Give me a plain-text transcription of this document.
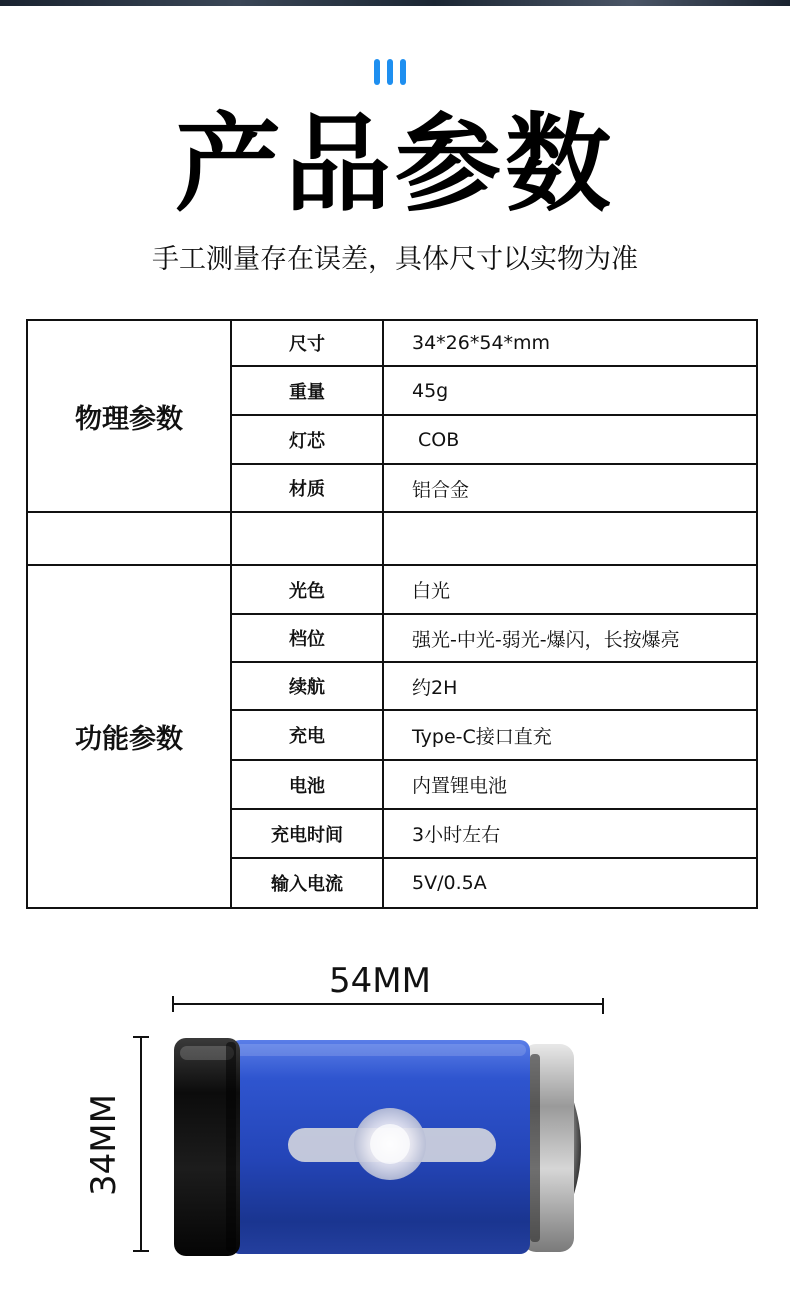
产品参数

手工测量存在误差，具体尺寸以实物为准

物理参数	尺寸	34*26*54*mm
	重量	45g
	灯芯	COB
	材质	铝合金

功能参数	光色	白光
	档位	强光-中光-弱光-爆闪，长按爆亮
	续航	约2H
	充电	Type-C接口直充
	电池	内置锂电池
	充电时间	3小时左右
	输入电流	5V/0.5A
54MM
34MM
